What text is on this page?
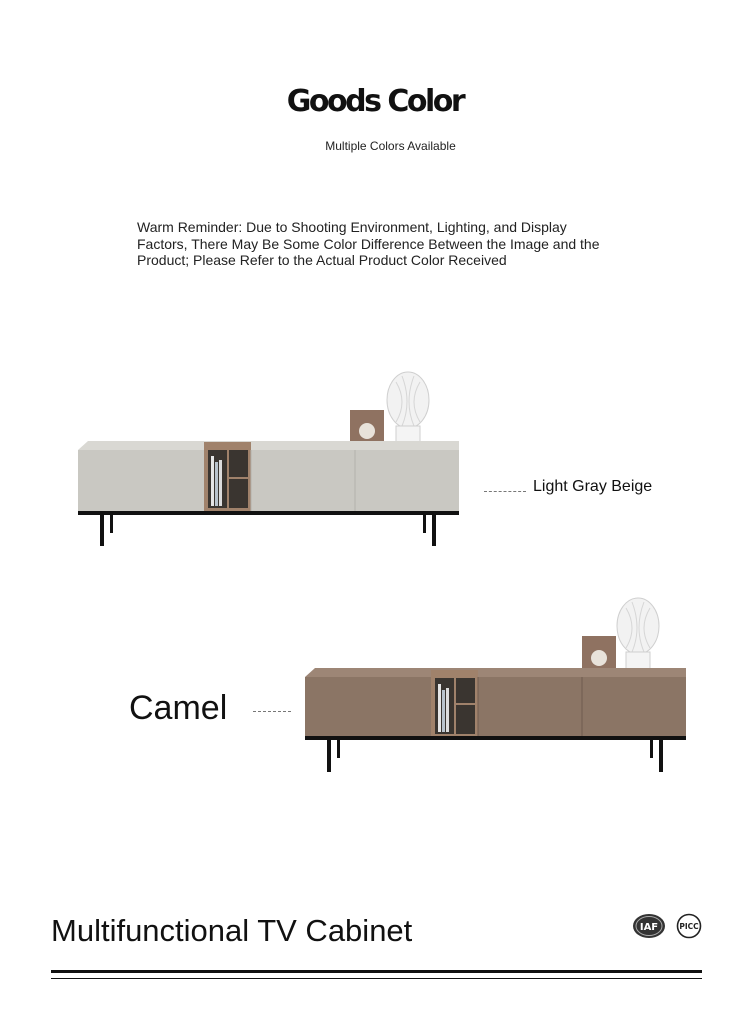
Goods Color
Multiple Colors Available
Warm Reminder: Due to Shooting Environment, Lighting, and Display Factors, There May Be Some Color Difference Between the Image and the Product; Please Refer to the Actual Product Color Received
Light Gray Beige
Camel
Multifunctional TV Cabinet	IAF	PICC
